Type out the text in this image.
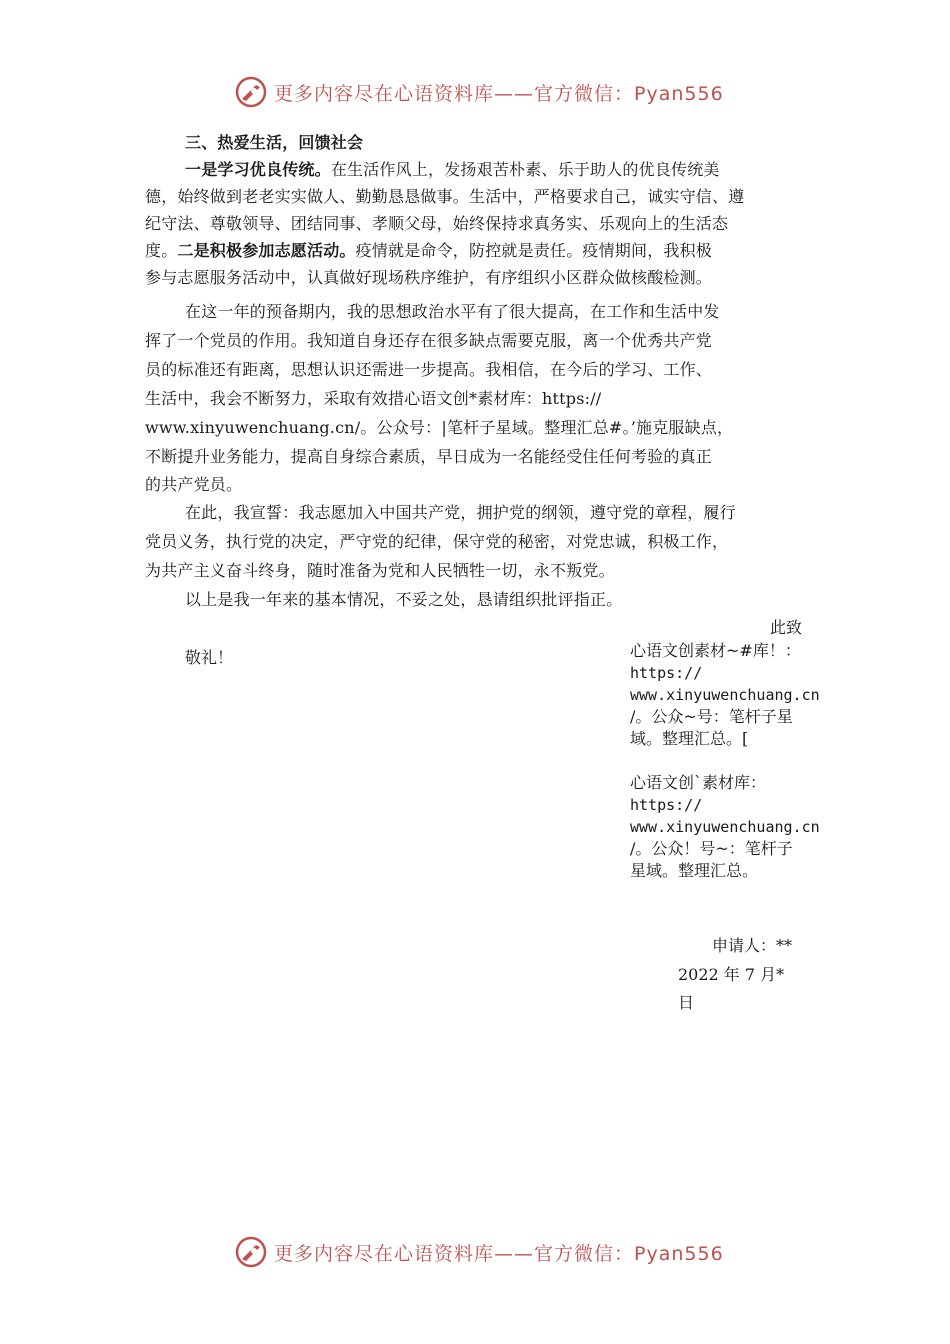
更多内容尽在心语资料库——官方微信：Pyan556
三、热爱生活，回馈社会
一是学习优良传统。在生活作风上，发扬艰苦朴素、乐于助人的优良传统美
德，始终做到老老实实做人、勤勤恳恳做事。生活中，严格要求自己，诚实守信、遵
纪守法、尊敬领导、团结同事、孝顺父母，始终保持求真务实、乐观向上的生活态
度。二是积极参加志愿活动。疫情就是命令，防控就是责任。疫情期间，我积极
参与志愿服务活动中，认真做好现场秩序维护，有序组织小区群众做核酸检测。
在这一年的预备期内，我的思想政治水平有了很大提高，在工作和生活中发
挥了一个党员的作用。我知道自身还存在很多缺点需要克服，离一个优秀共产党
员的标准还有距离，思想认识还需进一步提高。我相信，在今后的学习、工作、
生活中，我会不断努力，采取有效措心语文创*素材库：https://
www.xinyuwenchuang.cn/。公众号：|笔杆子星域。整理汇总#。’施克服缺点，
不断提升业务能力，提高自身综合素质，早日成为一名能经受住任何考验的真正
的共产党员。
在此，我宣誓：我志愿加入中国共产党，拥护党的纲领，遵守党的章程，履行
党员义务，执行党的决定，严守党的纪律，保守党的秘密，对党忠诚，积极工作，
为共产主义奋斗终身，随时准备为党和人民牺牲一切，永不叛党。
以上是我一年来的基本情况，不妥之处，恳请组织批评指正。
此致
敬礼！	心语文创素材~#库！：
https://
www.xinyuwenchuang.cn
/。公众~号：笔杆子星
域。整理汇总。[
心语文创`素材库：
https://
www.xinyuwenchuang.cn
/。公众！号~：笔杆子
星域。整理汇总。
申请人：**
2022 年 7 月*
日
更多内容尽在心语资料库——官方微信：Pyan556
